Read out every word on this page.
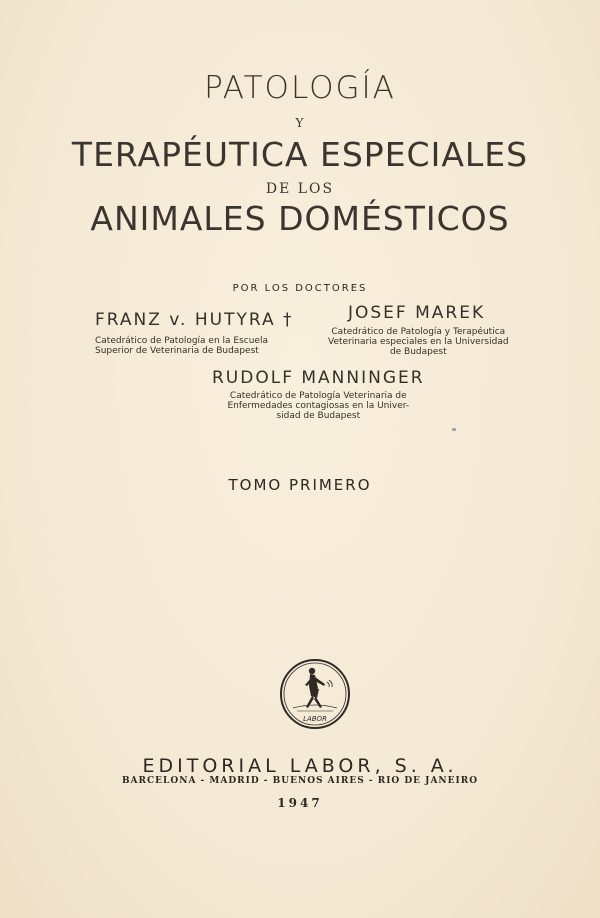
PATOLOGÍA
Y
TERAPÉUTICA ESPECIALES
DE LOS
ANIMALES DOMÉSTICOS
POR LOS DOCTORES
FRANZ v. HUTYRA †
Catedrático de Patología en la Escuela
Superior de Veterinaria de Budapest
JOSEF MAREK
Catedrático de Patología y Terapéutica
Veterinaria especiales en la Universidad
de Budapest
RUDOLF MANNINGER
Catedrático de Patología Veterinaria de
Enfermedades contagiosas en la Univer-
sidad de Budapest
TOMO PRIMERO
LABOR
EDITORIAL LABOR, S. A.
BARCELONA - MADRID - BUENOS AIRES - RIO DE JANEIRO
1947
